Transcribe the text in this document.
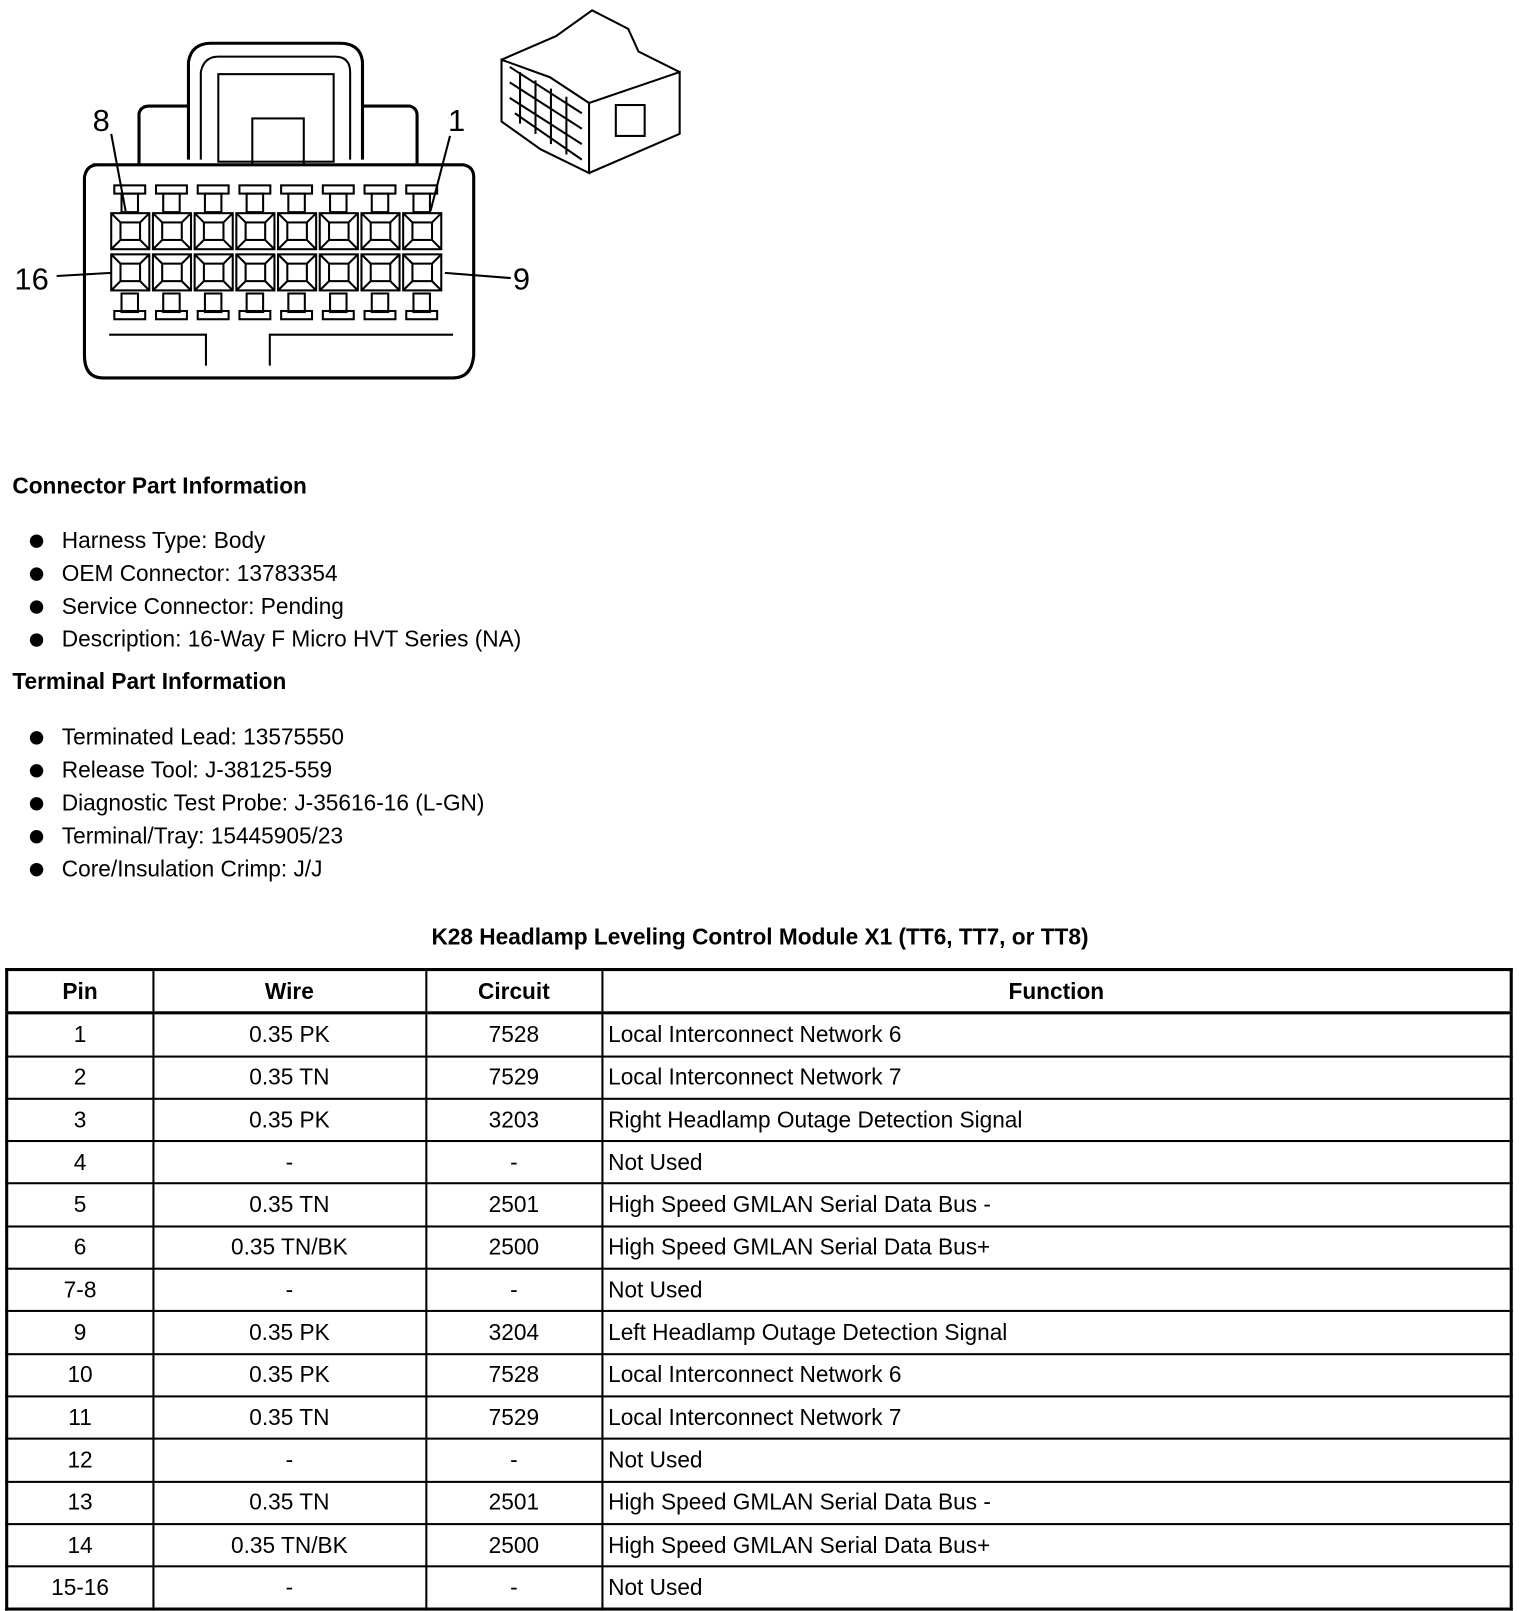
8	1
16	9
Connector Part Information
Harness Type: Body
OEM Connector: 13783354
Service Connector: Pending
Description: 16-Way F Micro HVT Series (NA)
Terminal Part Information
Terminated Lead: 13575550
Release Tool: J-38125-559
Diagnostic Test Probe: J-35616-16 (L-GN)
Terminal/Tray: 15445905/23
Core/Insulation Crimp: J/J
K28 Headlamp Leveling Control Module X1 (TT6, TT7, or TT8)
Pin	Wire	Circuit	Function
1	0.35 PK	7528	Local Interconnect Network 6
2	0.35 TN	7529	Local Interconnect Network 7
3	0.35 PK	3203	Right Headlamp Outage Detection Signal
4	-	-	Not Used
5	0.35 TN	2501	High Speed GMLAN Serial Data Bus -
6	0.35 TN/BK	2500	High Speed GMLAN Serial Data Bus+
7-8	-	-	Not Used
9	0.35 PK	3204	Left Headlamp Outage Detection Signal
10	0.35 PK	7528	Local Interconnect Network 6
11	0.35 TN	7529	Local Interconnect Network 7
12	-	-	Not Used
13	0.35 TN	2501	High Speed GMLAN Serial Data Bus -
14	0.35 TN/BK	2500	High Speed GMLAN Serial Data Bus+
15-16	-	-	Not Used
